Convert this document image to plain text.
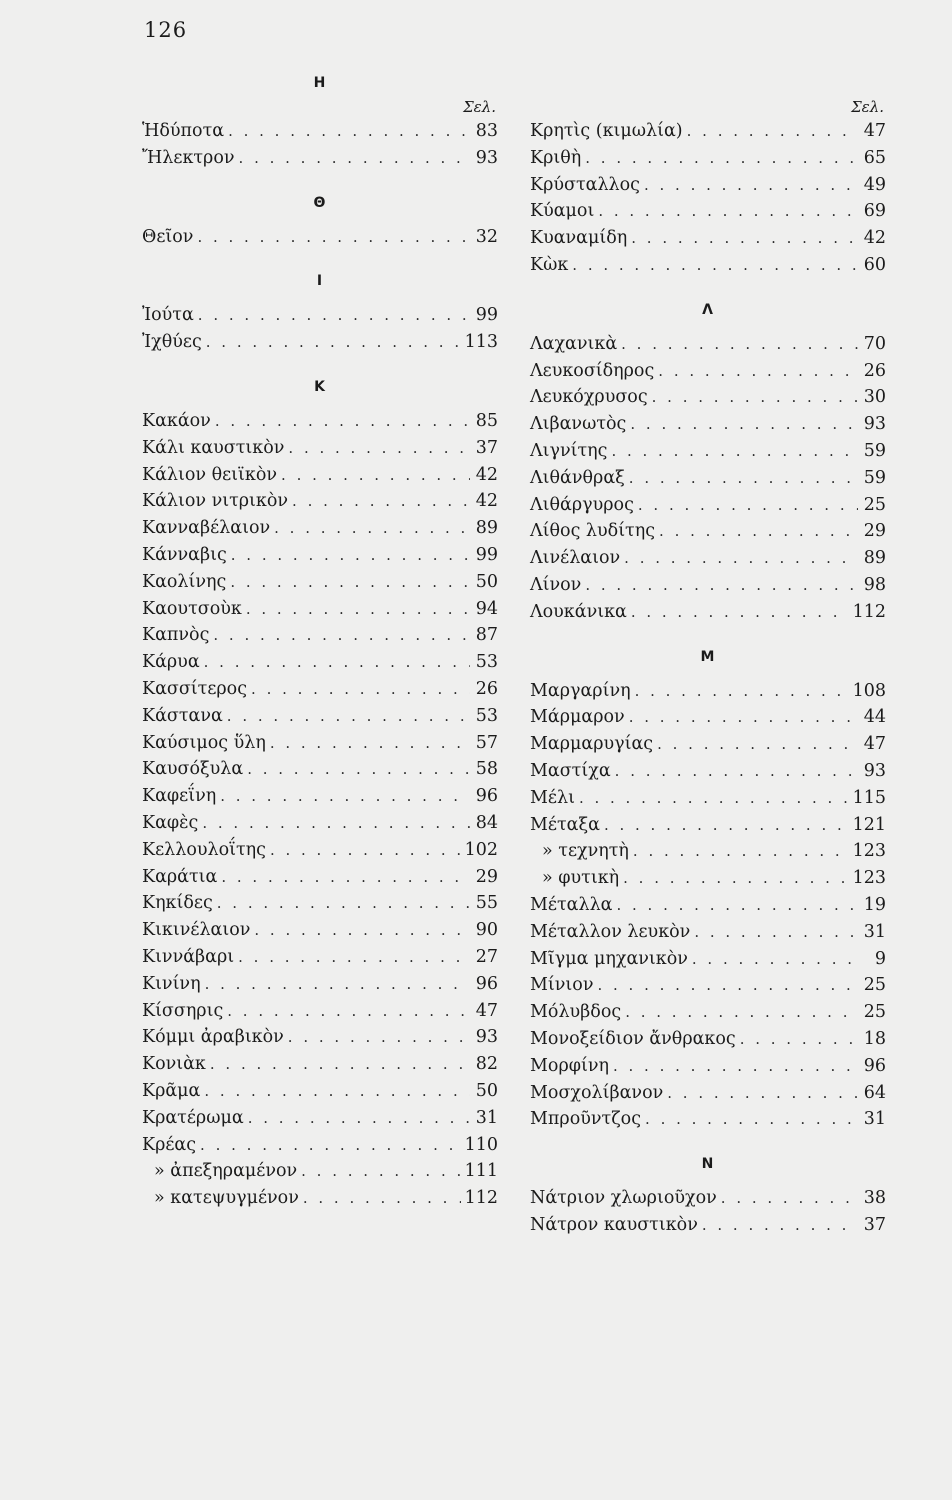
126
Η
Σελ.
Ἡδύποτα . . .	83
Ἤλεκτρον . . .	93
Θ
Θεῖον . . .	32
Ι
Ἰούτα . . .	99
Ἰχθύες . . .	113
Κ
Κακάον . . .	85
Κάλι καυστικὸν . . .	37
Κάλιον θειϊκὸν . . .	42
Κάλιον νιτρικὸν . . .	42
Κανναβέλαιον . . .	89
Κάνναβις . . .	99
Καολίνης . . .	50
Καουτσοὺκ . . .	94
Καπνὸς . . .	87
Κάρυα . . .	53
Κασσίτερος . . .	26
Κάστανα . . .	53
Καύσιμος ὕλη . . .	57
Καυσόξυλα . . .	58
Καφεΐνη . . .	96
Καφὲς . . .	84
Κελλουλοΐτης . . .	102
Καράτια . . .	29
Κηκίδες . . .	55
Κικινέλαιον . . .	90
Κιννάβαρι . . .	27
Κινίνη . . .	96
Κίσσηρις . . .	47
Κόμμι ἀραβικὸν . . .	93
Κονιὰκ . . .	82
Κρᾶμα . . .	50
Κρατέρωμα . . .	31
Κρέας . . .	110
» ἀπεξηραμένον . . .	111
» κατεψυγμένον . . .	112
Σελ.
Κρητὶς (κιμωλία) . . .	47
Κριθὴ . . .	65
Κρύσταλλος . . .	49
Κύαμοι . . .	69
Κυαναμίδη . . .	42
Κὼκ . . .	60
Λ
Λαχανικὰ . . .	70
Λευκοσίδηρος . . .	26
Λευκόχρυσος . . .	30
Λιβανωτὸς . . .	93
Λιγνίτης . . .	59
Λιθάνθραξ . . .	59
Λιθάργυρος . . .	25
Λίθος λυδίτης . . .	29
Λινέλαιον . . .	89
Λίνον . . .	98
Λουκάνικα . . .	112
Μ
Μαργαρίνη . . .	108
Μάρμαρον . . .	44
Μαρμαρυγίας . . .	47
Μαστίχα . . .	93
Μέλι . . .	115
Μέταξα . . .	121
» τεχνητὴ . . .	123
» φυτικὴ . . .	123
Μέταλλα . . .	19
Μέταλλον λευκὸν . . .	31
Μῖγμα μηχανικὸν . . .	9
Μίνιον . . .	25
Μόλυβδος . . .	25
Μονοξείδιον ἄνθρακος . . .	18
Μορφίνη . . .	96
Μοσχολίβανον . . .	64
Μπροῦντζος . . .	31
Ν
Νάτριον χλωριοῦχον . . .	38
Νάτρον καυστικὸν . . .	37
